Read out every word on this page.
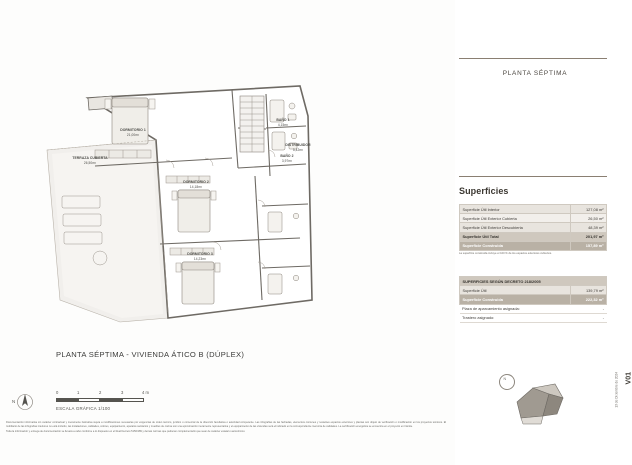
DORMITORIO 1
21,00m²
BAÑO 1
4,15m²
DISTRIBUIDOR
5,42m²
BAÑO 2
3,97m²
DORMITORIO 2
14,18m²
DORMITORIO 3
14,23m²
TERRAZA CUBIERTA
26,50m²
PLANTA SÉPTIMA - VIVIENDA ÁTICO B (DÚPLEX)
N
0	1	2	3	4 m
ESCALA GRÁFICA 1/100

Documentación informativa sin carácter contractual y meramente ilustrativa sujeta a modificaciones necesarias por exigencias de orden técnico, jurídico o comercial de la dirección facultativa o autoridad competente. Las infografías de las fachadas, elementos comunes y restantes espacios exteriores y plantas son objeto de verificación o modificación en los proyectos técnicos. El mobiliario de las infografías interiores no está incluido, las instalaciones, calidades, colores, equipamiento, aparatos sanitarios y muebles de cocina son una aproximación meramente representativa y el equipamiento de las viviendas será el indicado en la correspondiente memoria de calidades. La certificación energética se encuentra en el proyecto en trámite.

Toda la información y entrega de documentación se llevará a cabo conforme a lo dispuesto en el Real Decreto 515/1989 y demás normas que pudieran complementarlo que sean de carácter estatal o autonómico.

PLANTA SÉPTIMA
Superficies
Superficie Útil Interior	127,08 m²
Superficie Útil Exterior Cubierta	26,50 m²
Superficie Útil Exterior Descubierta	48,39 m²
Superficie Útil Total	201,97 m²
Superficie Construida	157,89 m²
La superficie construida incluye el 100 % de los espacios exteriores cubiertos.
SUPERFICIES SEGÚN DECRETO 218/2005	
Superficie Útil	139,79 m²
Superficie Construida	222,32 m²
Plaza de aparcamiento asignada:	-
Trastero asignado:	-
N	V01
13 de Diciembre de 2024
